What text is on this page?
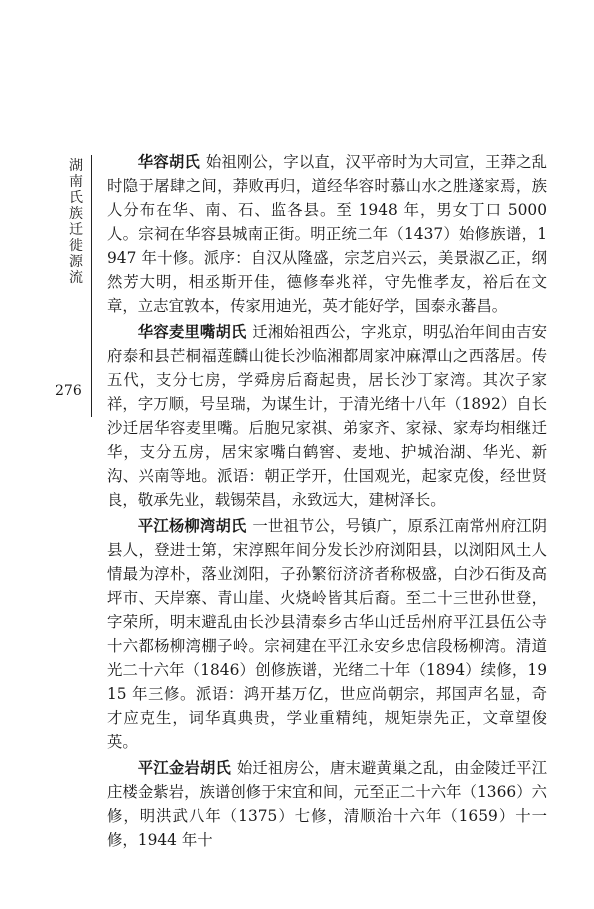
湖
南
氏
族
迁
徙
源
流
276

华容胡氏 始祖刚公，字以直，汉平帝时为大司宣，王莽之乱时隐于屠肆之间，莽败再归，道经华容时慕山水之胜遂家焉，族人分布在华、南、石、监各县。至 1948 年，男女丁口 5000 人。宗祠在华容县城南正街。明正统二年（1437）始修族谱，1947 年十修。派序：自汉从隆盛，宗芝启兴云，美景淑乙正，纲然芳大明，相丞斯开佳，德修奉兆祥，守先惟孝友，裕后在文章，立志宜敦本，传家用迪光，英才能好学，国泰永蕃昌。

华容麦里嘴胡氏 迁湘始祖西公，字兆京，明弘治年间由吉安府泰和县芒桐福莲麟山徙长沙临湘都周家冲麻潭山之西落居。传五代，支分七房，学舜房后裔起贵，居长沙丁家湾。其次子家祥，字万顺，号呈瑞，为谋生计，于清光绪十八年（1892）自长沙迁居华容麦里嘴。后胞兄家祺、弟家齐、家禄、家寿均相继迁华，支分五房，居宋家嘴白鹤窖、麦地、护城治湖、华光、新沟、兴南等地。派语：朝正学开，仕国观光，起家克俊，经世贤良，敬承先业，载锡荣昌，永致远大，建树泽长。

平江杨柳湾胡氏 一世祖节公，号镇广，原系江南常州府江阴县人，登进士第，宋淳熙年间分发长沙府浏阳县，以浏阳风土人情最为淳朴，落业浏阳，子孙繁衍济济者称极盛，白沙石街及高坪市、天岸寨、青山崖、火烧岭皆其后裔。至二十三世孙世登，字荣所，明末避乱由长沙县清泰乡古华山迁岳州府平江县伍公寺十六都杨柳湾棚子岭。宗祠建在平江永安乡忠信段杨柳湾。清道光二十六年（1846）创修族谱，光绪二十年（1894）续修，1915 年三修。派语：鸿开基万亿，世应尚朝宗，邦国声名显，奇才应克生，词华真典贵，学业重精纯，规矩崇先正，文章望俊英。

平江金岩胡氏 始迁祖房公，唐末避黄巢之乱，由金陵迁平江庄楼金紫岩，族谱创修于宋宜和间，元至正二十六年（1366）六修，明洪武八年（1375）七修，清顺治十六年（1659）十一修，1944 年十
